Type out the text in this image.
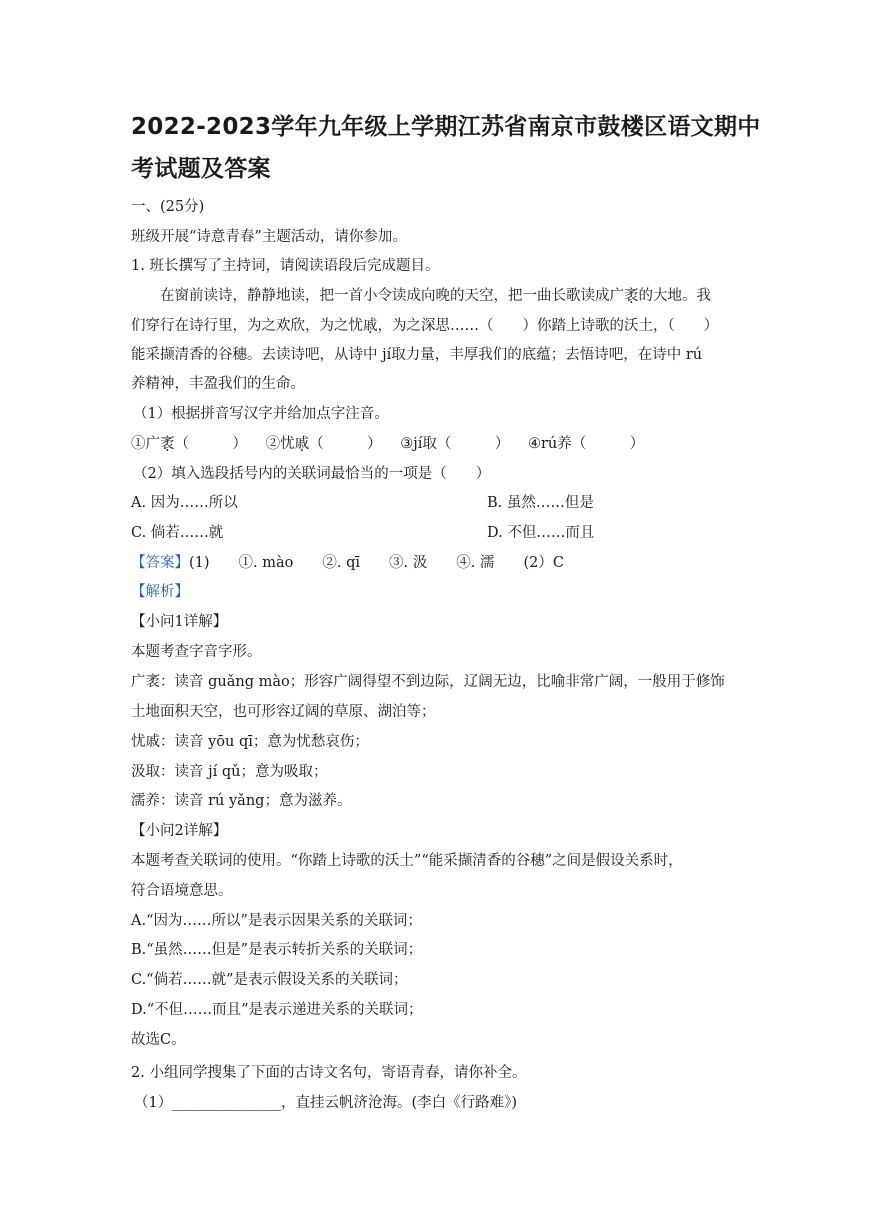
2022-2023学年九年级上学期江苏省南京市鼓楼区语文期中
考试题及答案
一、(25分)
班级开展“诗意青春”主题活动，请你参加。
1. 班长撰写了主持词，请阅读语段后完成题目。
在窗前读诗，静静地读，把一首小令读成向晚的天空，把一曲长歌读成广袤的大地。我
们穿行在诗行里，为之欢欣，为之忧戚，为之深思……（　　）你踏上诗歌的沃土，（　　）
能采撷清香的谷穗。去读诗吧，从诗中 jí取力量，丰厚我们的底蕴；去悟诗吧，在诗中 rú
养精神，丰盈我们的生命。
（1）根据拼音写汉字并给加点字注音。
①广袤（　　　） ②忧戚（　　　） ③jí取（　　　） ④rú养（　　　）
（2）填入选段括号内的关联词最恰当的一项是（　　）
A. 因为……所以	B. 虽然……但是
C. 倘若……就	D. 不但……而且
【答案】(1)　　①. mào　　②. qī　　③. 汲　　④. 濡　　(2）C
【解析】
【小问1详解】
本题考查字音字形。
广袤：读音 guǎng mào；形容广阔得望不到边际，辽阔无边，比喻非常广阔，一般用于修饰
土地面积天空，也可形容辽阔的草原、湖泊等；
忧戚：读音 yōu qī；意为忧愁哀伤；
汲取：读音 jí qǔ；意为吸取；
濡养：读音 rú yǎng；意为滋养。
【小问2详解】
本题考查关联词的使用。“你踏上诗歌的沃土”“能采撷清香的谷穗”之间是假设关系时，
符合语境意思。
A.“因为……所以”是表示因果关系的关联词；
B.“虽然……但是”是表示转折关系的关联词；
C.“倘若……就”是表示假设关系的关联词；
D.“不但……而且”是表示递进关系的关联词；
故选C。
2. 小组同学搜集了下面的古诗文名句，寄语青春，请你补全。
（1）_______________，直挂云帆济沧海。(李白《行路难》)
